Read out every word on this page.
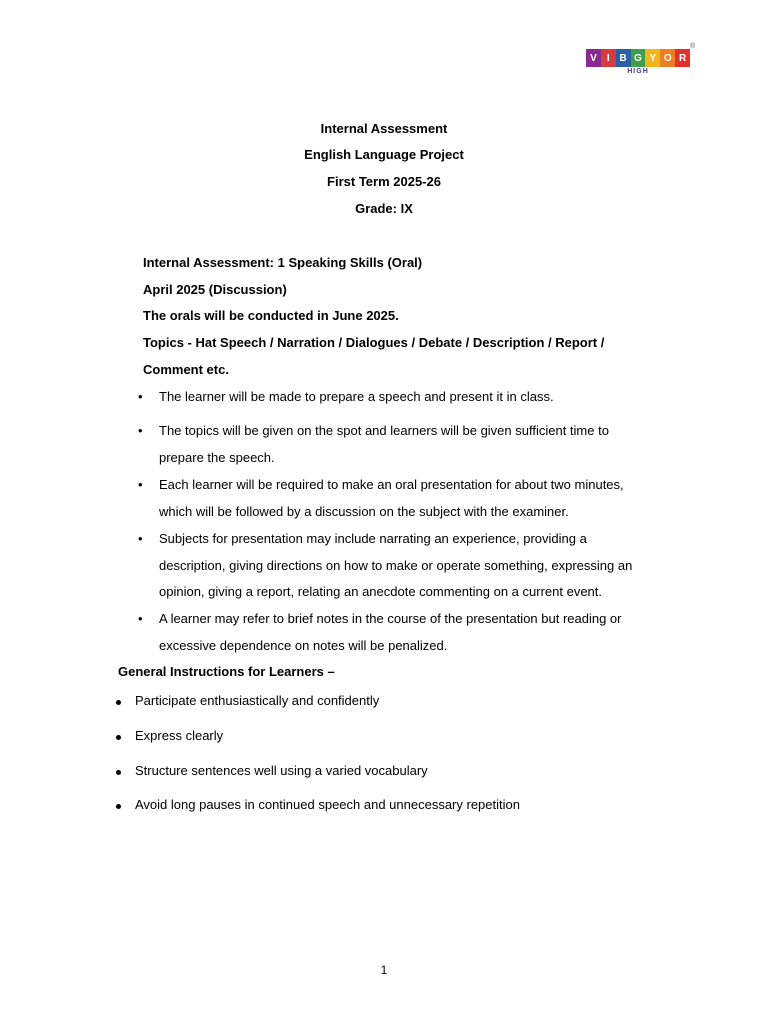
V	I B G Y O R
®
HIGH
Internal Assessment
English Language Project
First Term 2025-26
Grade: IX
Internal Assessment: 1 Speaking Skills (Oral)
April 2025 (Discussion)
The orals will be conducted in June 2025.
Topics - Hat Speech / Narration / Dialogues / Debate / Description / Report /
Comment etc.
• The learner will be made to prepare a speech and present it in class.
• The topics will be given on the spot and learners will be given sufficient time to
prepare the speech.
• Each learner will be required to make an oral presentation for about two minutes,
which will be followed by a discussion on the subject with the examiner.
• Subjects for presentation may include narrating an experience, providing a
description, giving directions on how to make or operate something, expressing an
opinion, giving a report, relating an anecdote commenting on a current event.
• A learner may refer to brief notes in the course of the presentation but reading or
excessive dependence on notes will be penalized.
General Instructions for Learners –
Participate enthusiastically and confidently
Express clearly
Structure sentences well using a varied vocabulary
Avoid long pauses in continued speech and unnecessary repetition
1
